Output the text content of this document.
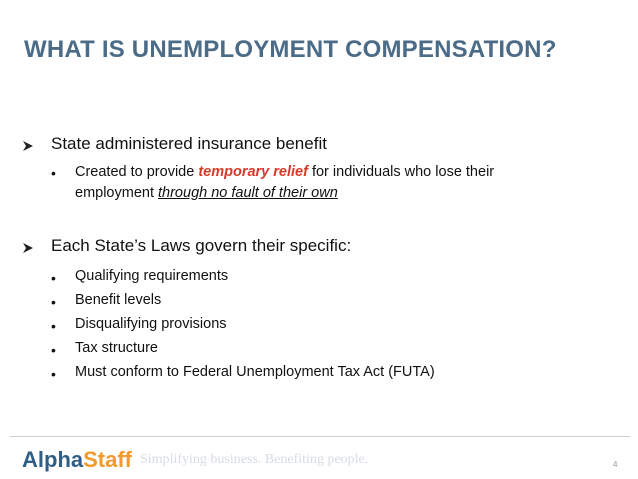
WHAT IS UNEMPLOYMENT COMPENSATION?
State administered insurance benefit
• Created to provide temporary relief for individuals who lose their
employment through no fault of their own
Each State’s Laws govern their specific:
• Qualifying requirements
• Benefit levels
• Disqualifying provisions
• Tax structure
• Must conform to Federal Unemployment Tax Act (FUTA)
AlphaStaff Simplifying business. Benefiting people.	4
